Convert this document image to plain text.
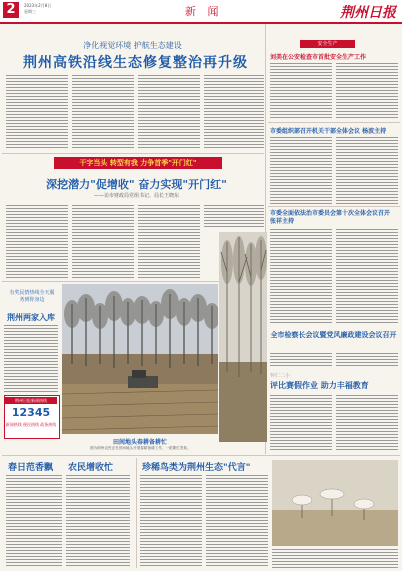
2	2023年2月8日 星期三	新 闻	荆州日报
净化视觉环境 护航生态建设
荆州高铁沿线生态修复整治再升级
安全生产
刘美在公安检查市首批安全生产工作
市委组织部召开机关干部全体会议 杨波主持
市委全面依法治市委员会第十次全体会议召开 张祥主持
全市检察长会议暨党风廉政建设会议召开
怀仁二小
评比赛假作业 助力丰福教育
干字当头 转型有我 力争首季"开门红"
深挖潜力"促增收" 奋力实现"开门红"
——访市财政局党组书记、局长王晓东
有奖民情热线全天服务到你身边
荆州两家入库
荆州日报新闻热线
12345
新闻热线 便民热线 政务热线
田间地头春耕备耕忙
图为荆州农民正在田间地头开展春耕备耕工作，一派繁忙景象。
春日范香飘 农民增收忙	珍稀鸟类为荆州生态"代言"
